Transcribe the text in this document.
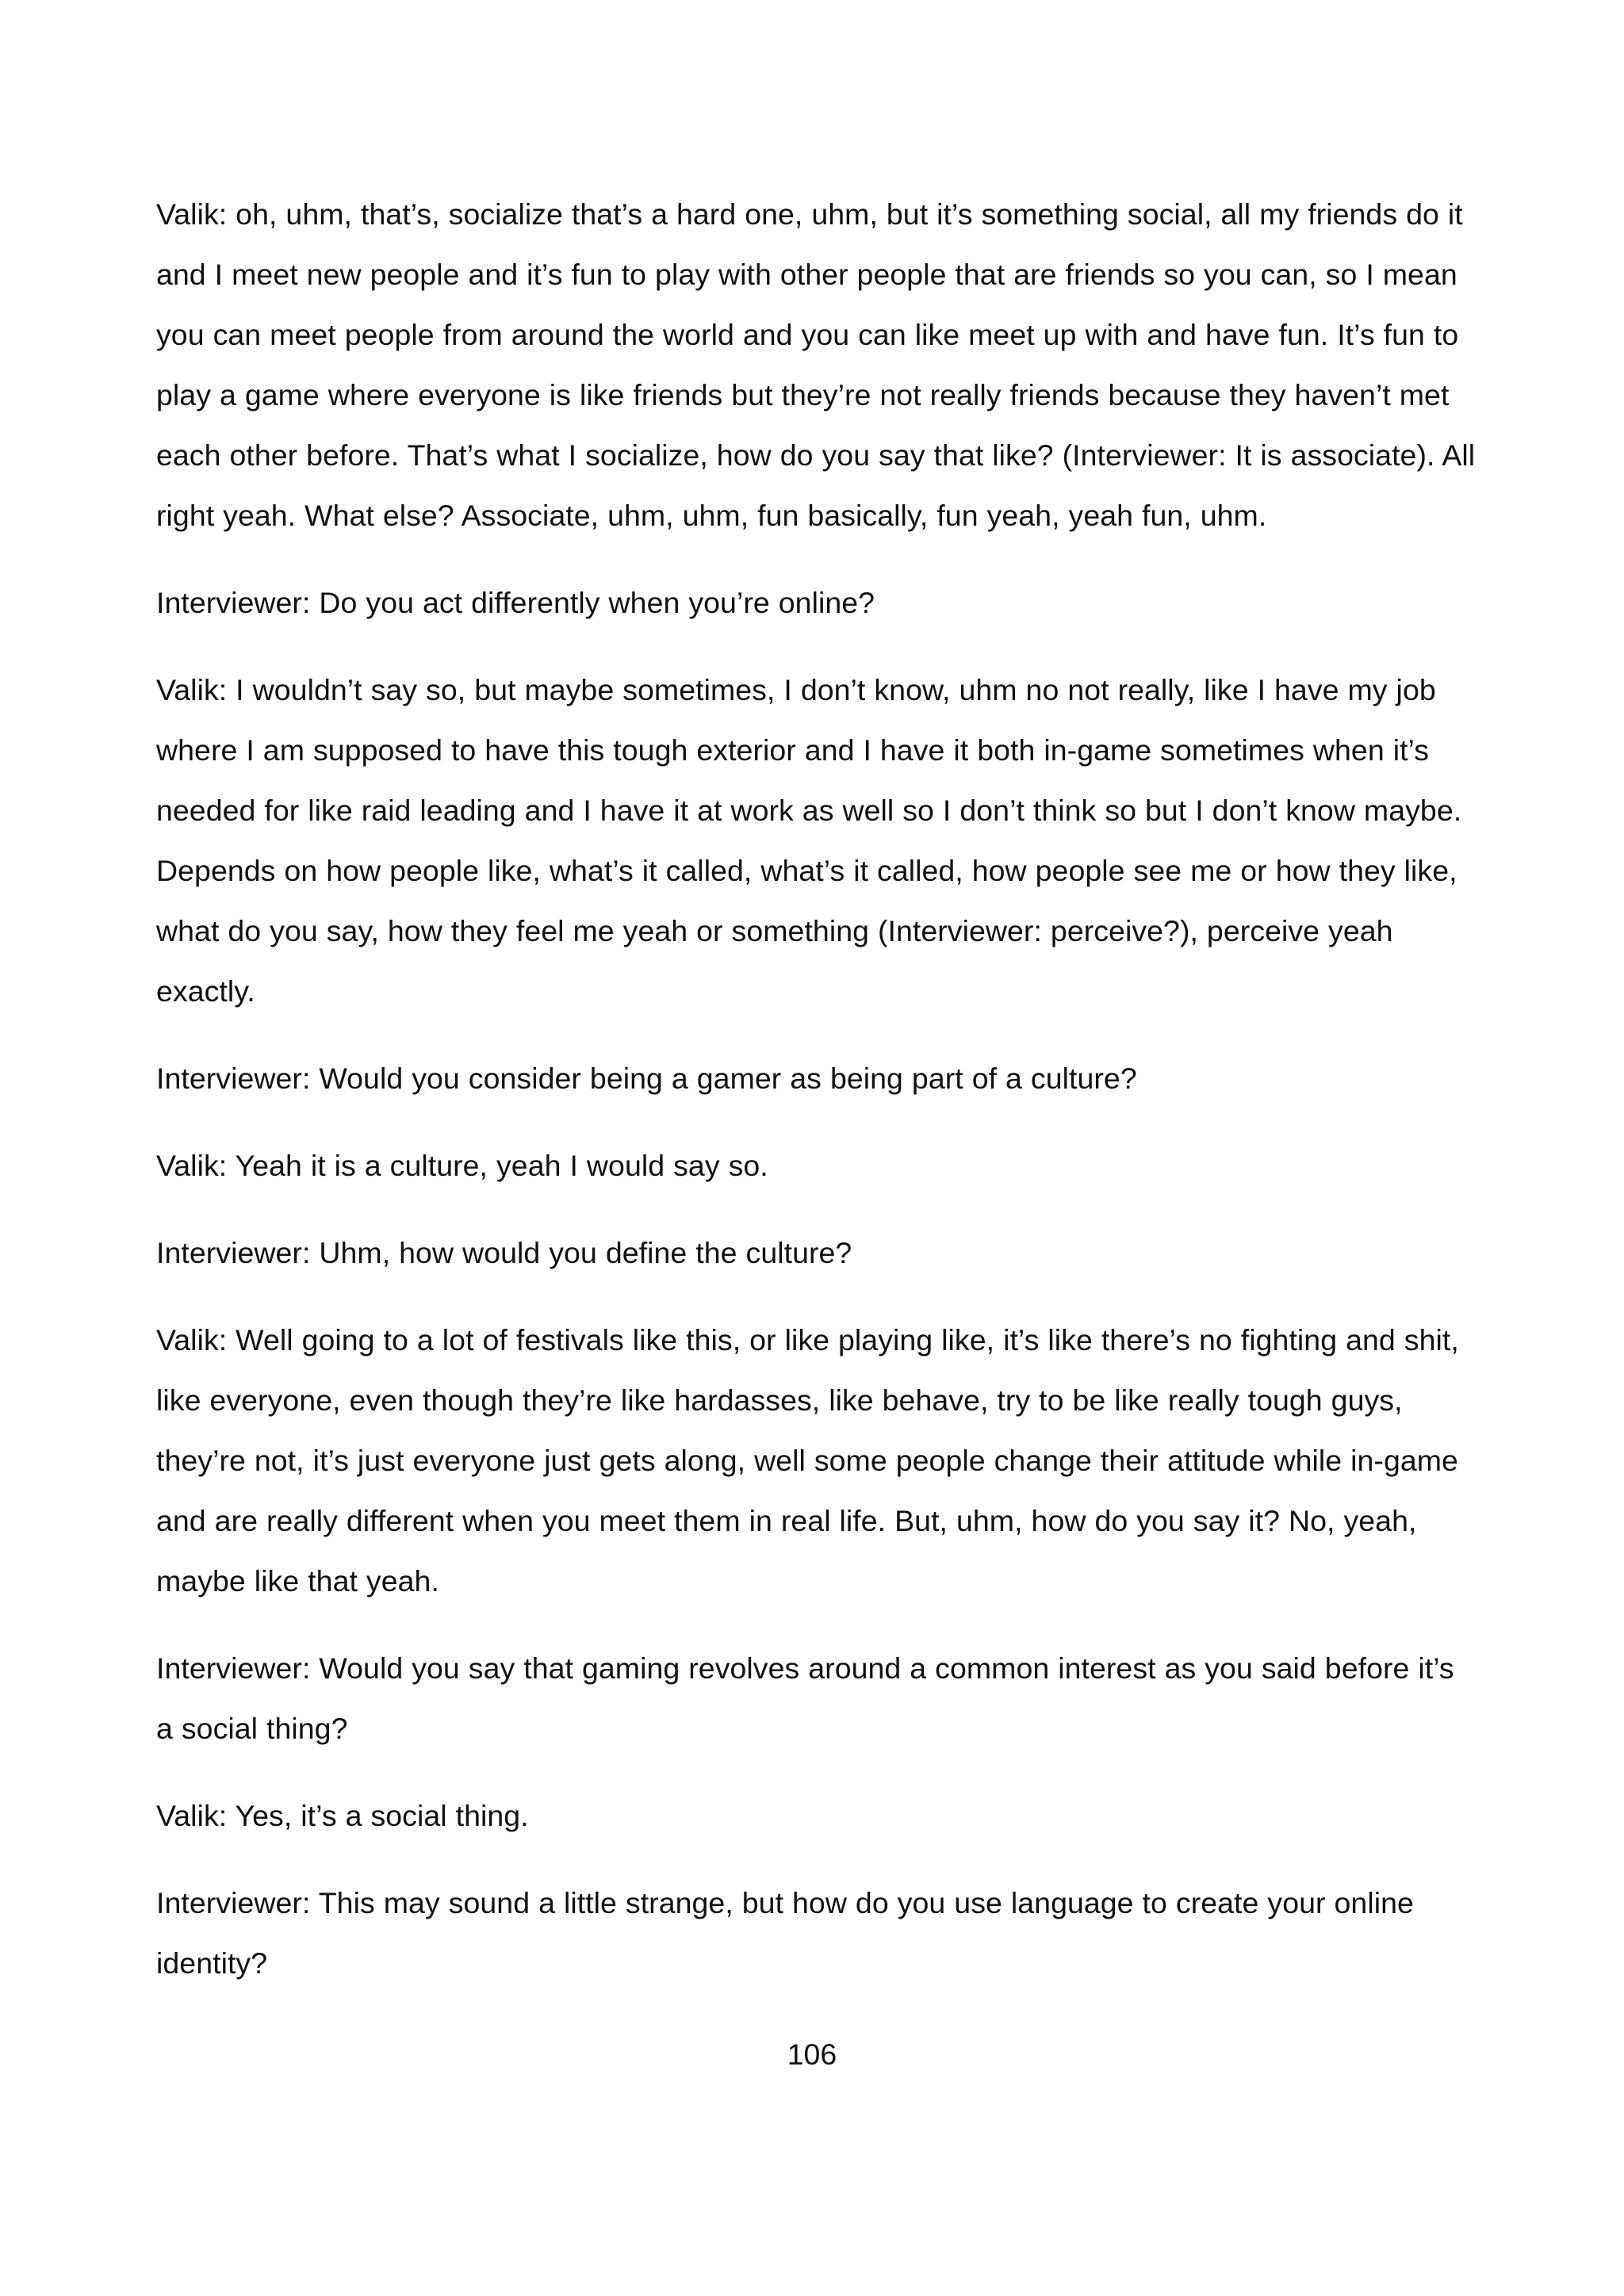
Valik: oh, uhm, that’s, socialize that’s a hard one, uhm, but it’s something social, all my friends do it and I meet new people and it’s fun to play with other people that are friends so you can, so I mean you can meet people from around the world and you can like meet up with and have fun. It’s fun to play a game where everyone is like friends but they’re not really friends because they haven’t met each other before. That’s what I socialize, how do you say that like? (Interviewer: It is associate). All right yeah. What else? Associate, uhm, uhm, fun basically, fun yeah, yeah fun, uhm.

Interviewer: Do you act differently when you’re online?

Valik: I wouldn’t say so, but maybe sometimes, I don’t know, uhm no not really, like I have my job where I am supposed to have this tough exterior and I have it both in-game sometimes when it’s needed for like raid leading and I have it at work as well so I don’t think so but I don’t know maybe. Depends on how people like, what’s it called, what’s it called, how people see me or how they like, what do you say, how they feel me yeah or something (Interviewer: perceive?), perceive yeah exactly.

Interviewer: Would you consider being a gamer as being part of a culture?

Valik: Yeah it is a culture, yeah I would say so.

Interviewer: Uhm, how would you define the culture?

Valik: Well going to a lot of festivals like this, or like playing like, it’s like there’s no fighting and shit, like everyone, even though they’re like hardasses, like behave, try to be like really tough guys, they’re not, it’s just everyone just gets along, well some people change their attitude while in-game and are really different when you meet them in real life. But, uhm, how do you say it? No, yeah, maybe like that yeah.

Interviewer: Would you say that gaming revolves around a common interest as you said before it’s a social thing?

Valik: Yes, it’s a social thing.

Interviewer: This may sound a little strange, but how do you use language to create your online identity?

106
